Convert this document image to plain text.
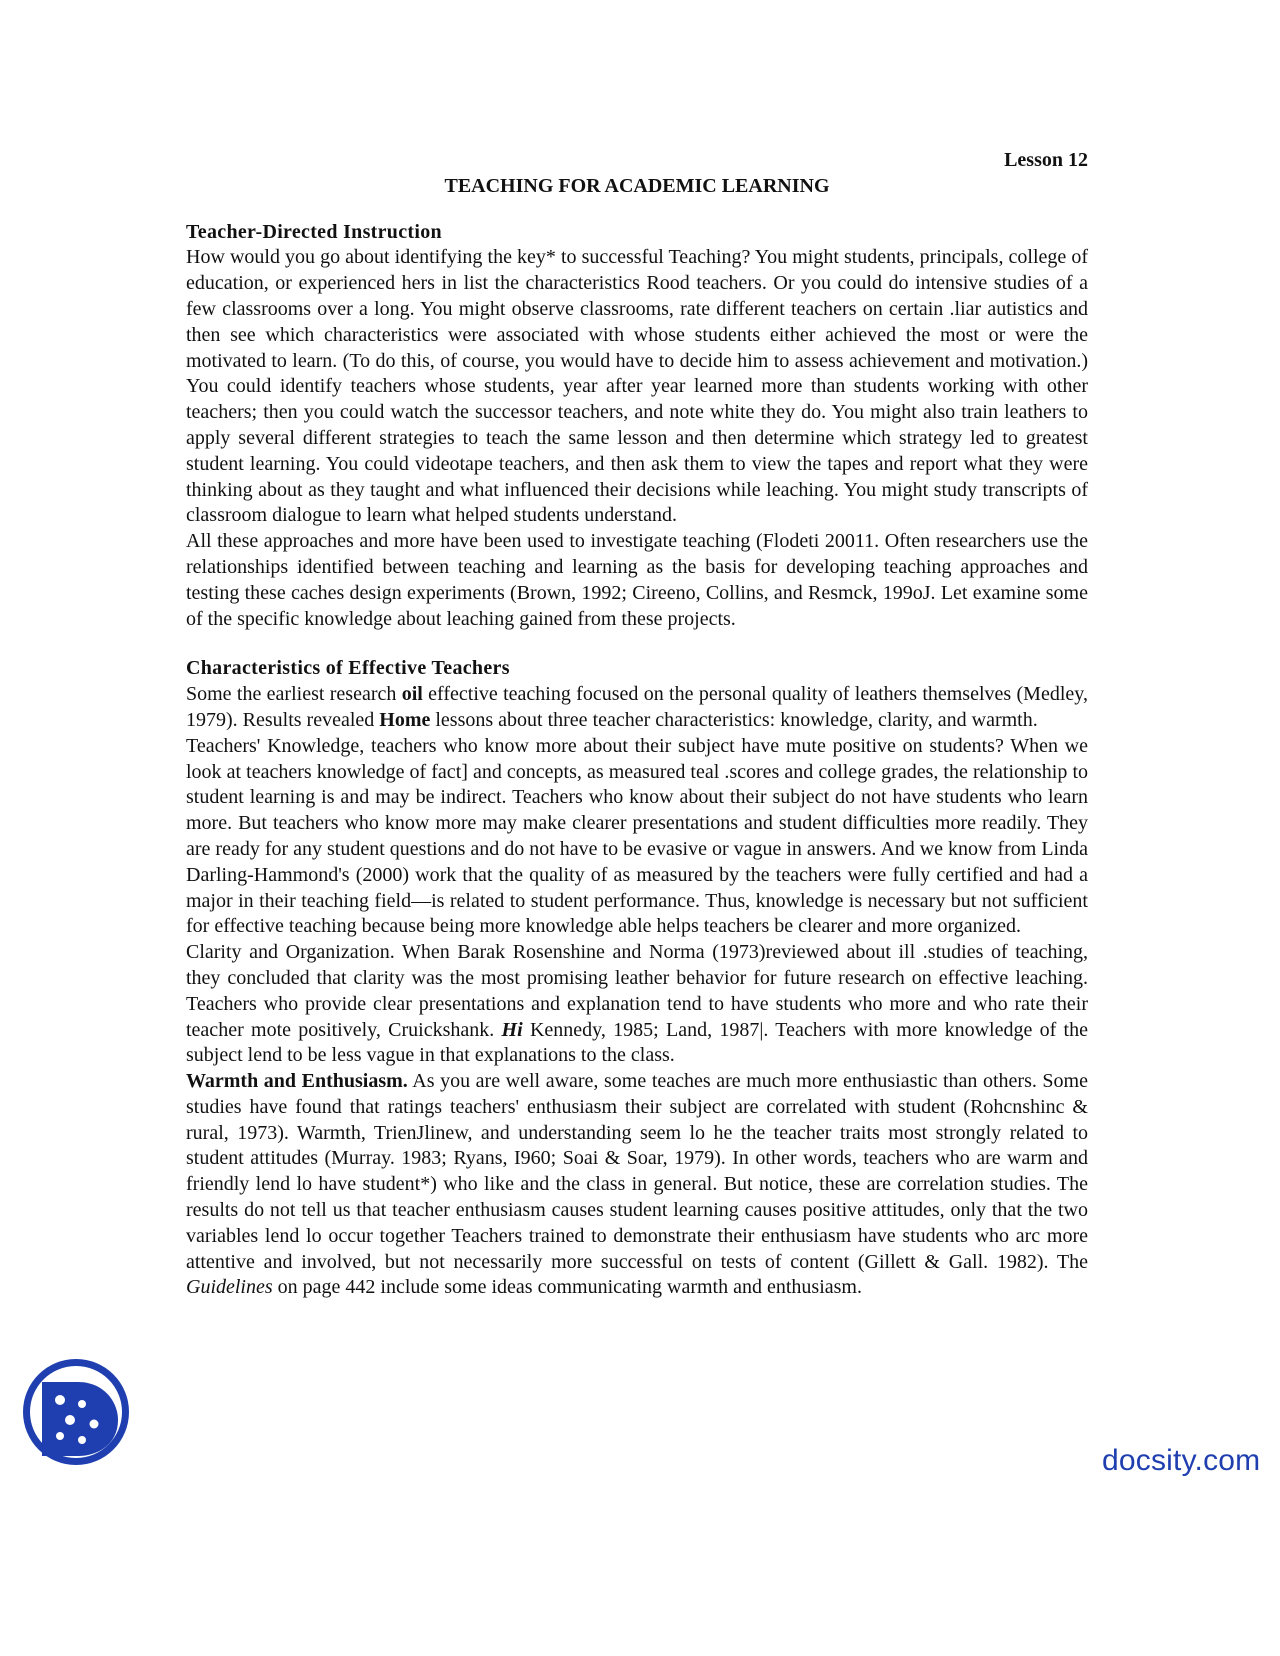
Lesson 12

TEACHING FOR ACADEMIC LEARNING

Teacher-Directed Instruction

How would you go about identifying the key* to successful Teaching? You might students, principals, college of education, or experienced hers in list the characteristics Rood teachers. Or you could do intensive studies of a few classrooms over a long. You might observe classrooms, rate different teachers on certain .liar autistics and then see which characteristics were associated with whose students either achieved the most or were the motivated to learn. (To do this, of course, you would have to decide him to assess achievement and motivation.) You could identify teachers whose students, year after year learned more than students working with other teachers; then you could watch the successor teachers, and note white they do. You might also train leathers to apply several different strategies to teach the same lesson and then determine which strategy led to greatest student learning. You could videotape teachers, and then ask them to view the tapes and report what they were thinking about as they taught and what influenced their decisions while leaching. You might study transcripts of classroom dialogue to learn what helped students understand.

All these approaches and more have been used to investigate teaching (Flodeti 20011. Often researchers use the relationships identified between teaching and learning as the basis for developing teaching approaches and testing these caches design experiments (Brown, 1992; Cireeno, Collins, and Resmck, 199oJ. Let examine some of the specific knowledge about leaching gained from these projects.

Characteristics of Effective Teachers

Some the earliest research oil effective teaching focused on the personal quality of leathers themselves (Medley, 1979). Results revealed Home lessons about three teacher characteristics: knowledge, clarity, and warmth.

Teachers' Knowledge, teachers who know more about their subject have mute positive on students? When we look at teachers knowledge of fact] and concepts, as measured teal .scores and college grades, the relationship to student learning is and may be indirect. Teachers who know about their subject do not have students who learn more. But teachers who know more may make clearer presentations and student difficulties more readily. They are ready for any student questions and do not have to be evasive or vague in answers. And we know from Linda Darling-Hammond's (2000) work that the quality of as measured by the teachers were fully certified and had a major in their teaching field—is related to student performance. Thus, knowledge is necessary but not sufficient for effective teaching because being more knowledge able helps teachers be clearer and more organized.

Clarity and Organization. When Barak Rosenshine and Norma (1973)reviewed about ill .studies of teaching, they concluded that clarity was the most promising leather behavior for future research on effective leaching. Teachers who provide clear presentations and explanation tend to have students who more and who rate their teacher mote positively, Cruickshank. Hi Kennedy, 1985; Land, 1987|. Teachers with more knowledge of the subject lend to be less vague in that explanations to the class.

Warmth and Enthusiasm. As you are well aware, some teaches are much more enthusiastic than others. Some studies have found that ratings teachers' enthusiasm their subject are correlated with student (Rohcnshinc & rural, 1973). Warmth, TrienJlinew, and understanding seem lo he the teacher traits most strongly related to student attitudes (Murray. 1983; Ryans, I960; Soai & Soar, 1979). In other words, teachers who are warm and friendly lend lo have student*) who like and the class in general. But notice, these are correlation studies. The results do not tell us that teacher enthusiasm causes student learning causes positive attitudes, only that the two variables lend lo occur together Teachers trained to demonstrate their enthusiasm have students who arc more attentive and involved, but not necessarily more successful on tests of content (Gillett & Gall. 1982). The Guidelines on page 442 include some ideas communicating warmth and enthusiasm.

docsity.com
